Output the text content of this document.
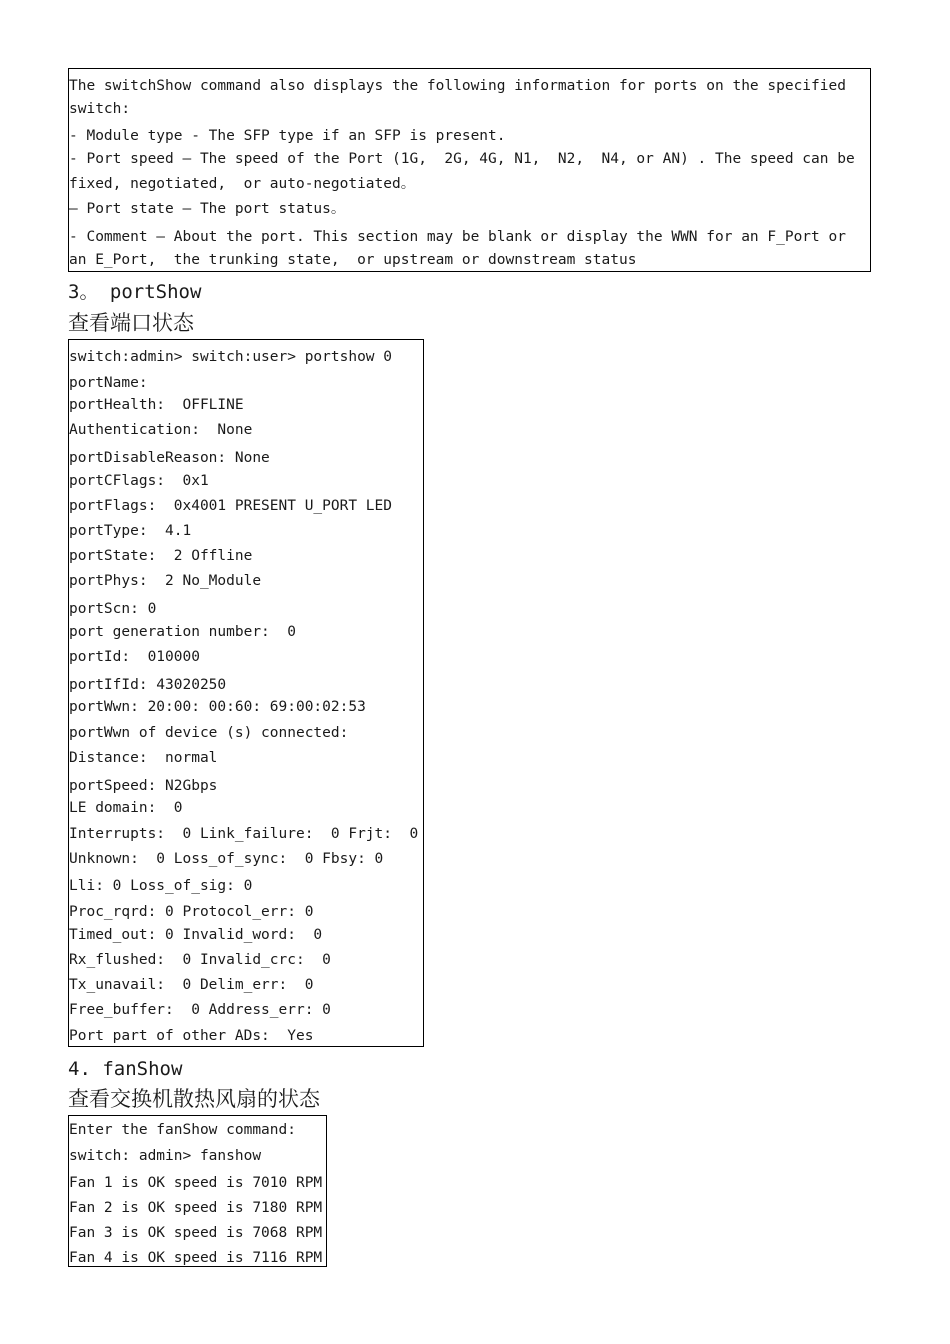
The switchShow command also displays the following information for ports on the specified
switch:
- Module type - The SFP type if an SFP is present.
- Port speed — The speed of the Port (1G,  2G, 4G, N1,  N2,  N4, or AN) . The speed can be
fixed, negotiated,  or auto-negotiated。
— Port state — The port status。
- Comment — About the port. This section may be blank or display the WWN for an F_Port or
an E_Port,  the trunking state,  or upstream or downstream status
3。 portShow
查看端口状态
switch:admin> switch:user> portshow 0
portName:
portHealth:  OFFLINE
Authentication:  None
portDisableReason: None
portCFlags:  0x1
portFlags:  0x4001 PRESENT U_PORT LED
portType:  4.1
portState:  2 Offline
portPhys:  2 No_Module
portScn: 0
port generation number:  0
portId:  010000
portIfId: 43020250
portWwn: 20:00: 00:60: 69:00:02:53
portWwn of device (s) connected:
Distance:  normal
portSpeed: N2Gbps
LE domain:  0
Interrupts:  0 Link_failure:  0 Frjt:  0
Unknown:  0 Loss_of_sync:  0 Fbsy: 0
Lli: 0 Loss_of_sig: 0
Proc_rqrd: 0 Protocol_err: 0
Timed_out: 0 Invalid_word:  0
Rx_flushed:  0 Invalid_crc:  0
Tx_unavail:  0 Delim_err:  0
Free_buffer:  0 Address_err: 0
Port part of other ADs:  Yes
4. fanShow
查看交换机散热风扇的状态
Enter the fanShow command:
switch: admin> fanshow
Fan 1 is OK speed is 7010 RPM
Fan 2 is OK speed is 7180 RPM
Fan 3 is OK speed is 7068 RPM
Fan 4 is OK speed is 7116 RPM
